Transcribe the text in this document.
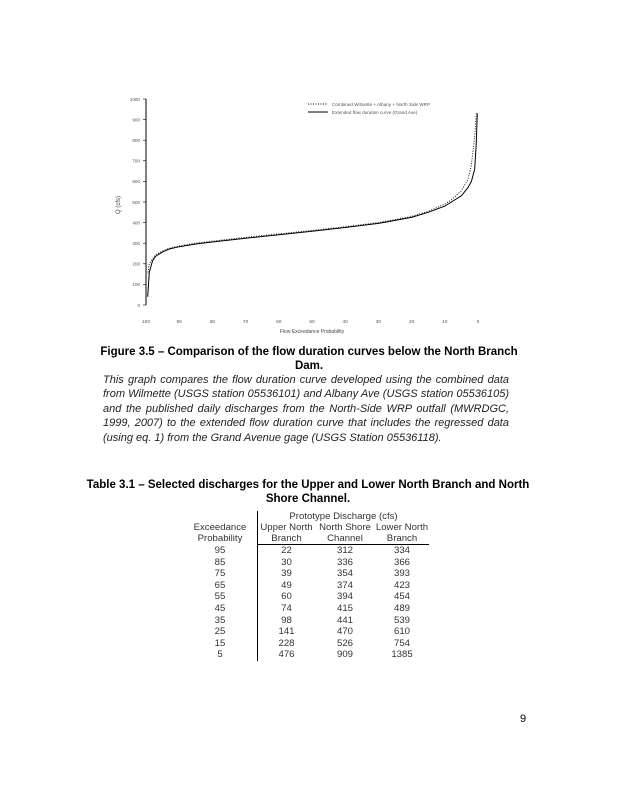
0
100
200
300
400
500
600
700
800
900
1000
100	90	80	70	60	50	40	30	20	10	0
Q (cfs)
Flow Exceedance Probability
Combined Wilmette + Albany + North Side WRP
Extended flow duration curve (Grand Ave)
Figure 3.5 – Comparison of the flow duration curves below the North Branch Dam.
This graph compares the flow duration curve developed using the combined data from Wilmette (USGS station 05536101) and Albany Ave (USGS station 05536105) and the published daily discharges from the North-Side WRP outfall (MWRDGC, 1999, 2007) to the extended flow duration curve that includes the regressed data (using eq. 1) from the Grand Avenue gage (USGS Station 05536118).
Table 3.1 – Selected discharges for the Upper and Lower North Branch and North Shore Channel.
	Prototype Discharge (cfs)		
Exceedance Probability	Upper North Branch	North Shore Channel	Lower North Branch

95	22	312	334
85	30	336	366
75	39	354	393
65	49	374	423
55	60	394	454
45	74	415	489
35	98	441	539
25	141	470	610
15	228	526	754
5	476	909	1385
9
